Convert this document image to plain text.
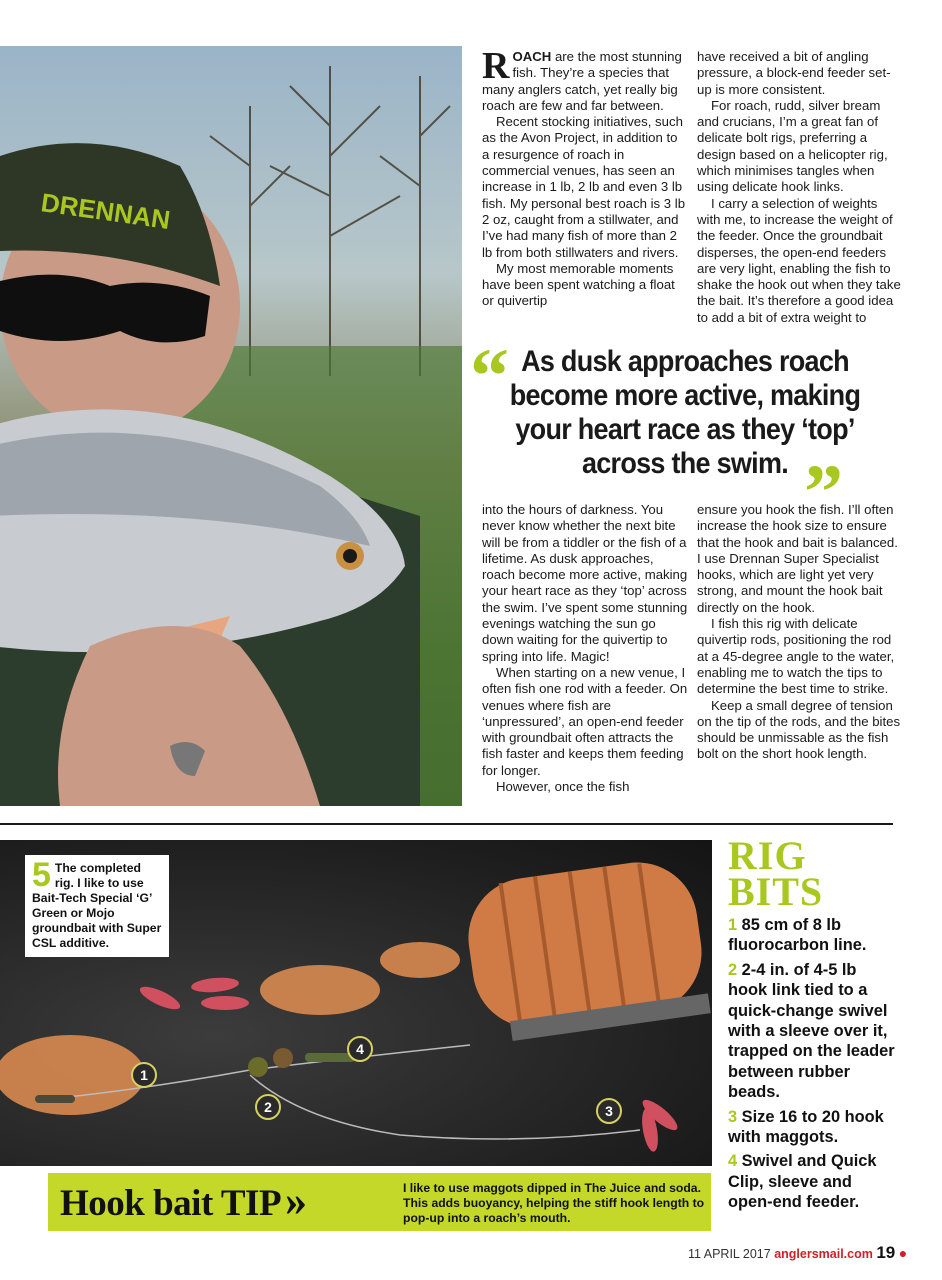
DRENNAN

ROACH are the most stunning fish. They’re a species that many anglers catch, yet really big roach are few and far between.

Recent stocking initiatives, such as the Avon Project, in addition to a resurgence of roach in commercial venues, has seen an increase in 1 lb, 2 lb and even 3 lb fish. My personal best roach is 3 lb 2 oz, caught from a stillwater, and I’ve had many fish of more than 2 lb from both stillwaters and rivers.

My most memorable moments have been spent watching a float or quivertip

have received a bit of angling pressure, a block-end feeder set-up is more consistent.

For roach, rudd, silver bream and crucians, I’m a great fan of delicate bolt rigs, preferring a design based on a helicopter rig, which minimises tangles when using delicate hook links.

I carry a selection of weights with me, to increase the weight of the feeder. Once the groundbait disperses, the open-end feeders are very light, enabling the fish to shake the hook out when they take the bait. It’s therefore a good idea to add a bit of extra weight to

“ As dusk approaches roach become more active, making your heart race as they ‘top’ across the swim. ”

into the hours of darkness. You never know whether the next bite will be from a tiddler or the fish of a lifetime. As dusk approaches, roach become more active, making your heart race as they ‘top’ across the swim. I’ve spent some stunning evenings watching the sun go down waiting for the quivertip to spring into life. Magic!

When starting on a new venue, I often fish one rod with a feeder. On venues where fish are ‘unpressured’, an open-end feeder with groundbait often attracts the fish faster and keeps them feeding for longer.

However, once the fish

ensure you hook the fish. I’ll often increase the hook size to ensure that the hook and bait is balanced. I use Drennan Super Specialist hooks, which are light yet very strong, and mount the hook bait directly on the hook.

I fish this rig with delicate quivertip rods, positioning the rod at a 45-degree angle to the water, enabling me to watch the tips to determine the best time to strike.

Keep a small degree of tension on the tip of the rods, and the bites should be unmissable as the fish bolt on the short hook length.

1
2	3
4
5 The completed rig. I like to use Bait-Tech Special ‘G’ Green or Mojo groundbait with Super CSL additive.
RIG
BITS
1 85 cm of 8 lb fluorocarbon line.
2 2-4 in. of 4-5 lb hook link tied to a quick-change swivel with a sleeve over it, trapped on the leader between rubber beads.
3 Size 16 to 20 hook with maggots.
4 Swivel and Quick Clip, sleeve and open-end feeder.
Hook bait TIP»	I like to use maggots dipped in The Juice and soda. This adds buoyancy, helping the stiff hook length to pop-up into a roach’s mouth.
11 APRIL 2017 anglersmail.com 19 ●
